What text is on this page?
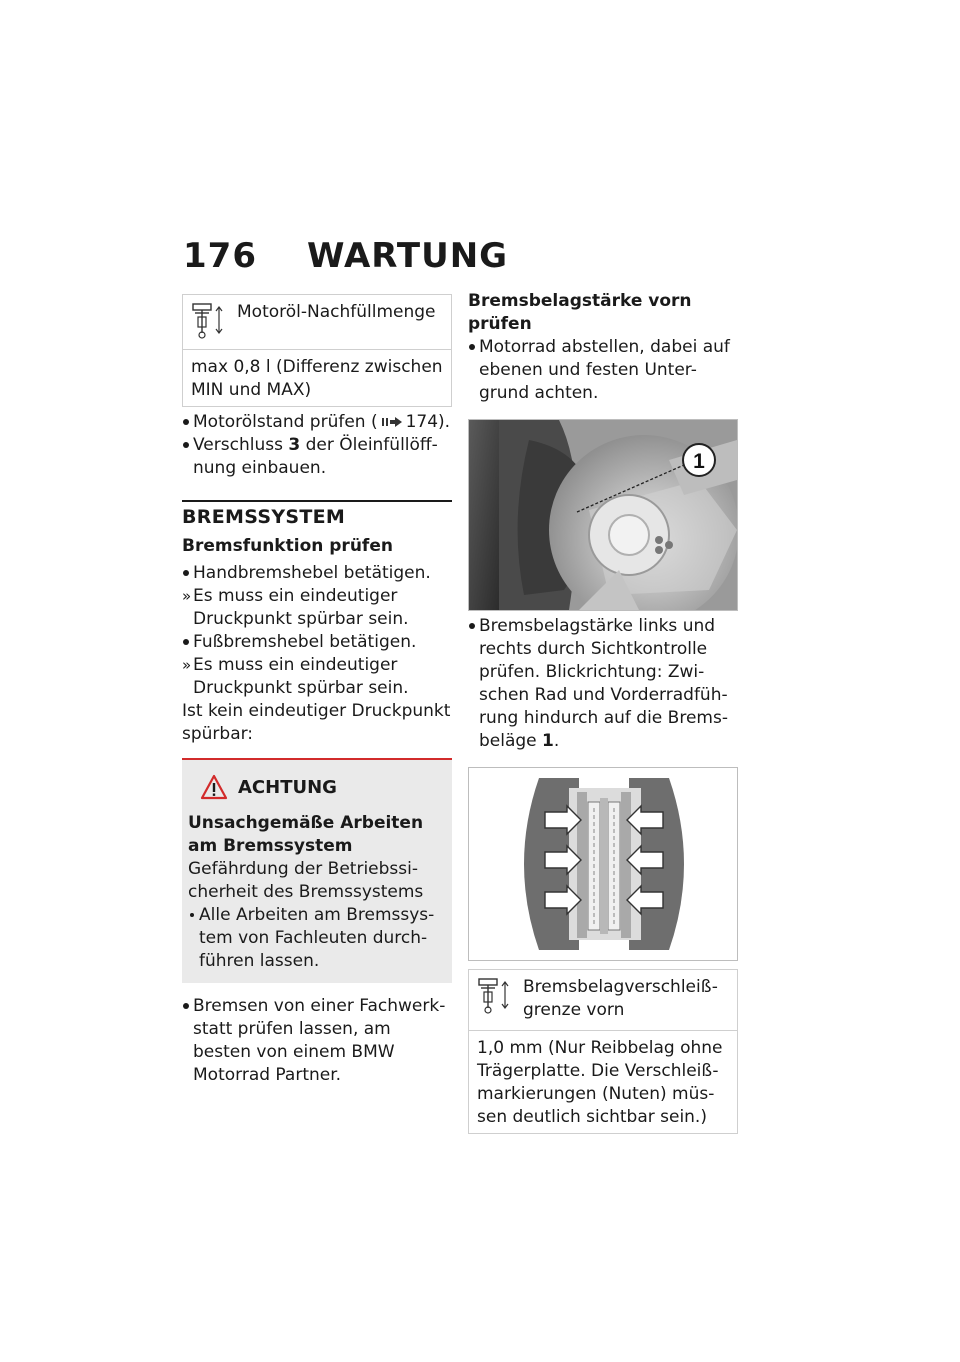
176 WARTUNG
Motoröl-Nachfüllmenge
max 0,8 l (Differenz zwischen MIN und MAX)
Motorölstand prüfen ( 174).
Verschluss 3 der Öleinfüllöff-nung einbauen.
BREMSSYSTEM
Bremsfunktion prüfen
Handbremshebel betätigen.
» Es muss ein eindeutiger Druckpunkt spürbar sein.
Fußbremshebel betätigen.
» Es muss ein eindeutiger Druckpunkt spürbar sein.
Ist kein eindeutiger Druckpunkt spürbar:
ACHTUNG
Unsachgemäße Arbeiten am Bremssystem
Gefährdung der Betriebssi-cherheit des Bremssystems
Alle Arbeiten am Bremssys-tem von Fachleuten durch-führen lassen.
Bremsen von einer Fachwerk-statt prüfen lassen, am besten von einem BMW Motorrad Partner.
Bremsbelagstärke vorn prüfen
Motorrad abstellen, dabei auf ebenen und festen Unter-grund achten.
1
Bremsbelagstärke links und rechts durch Sichtkontrolle prüfen. Blickrichtung: Zwi-schen Rad und Vorderradfüh-rung hindurch auf die Brems-beläge 1.
Bremsbelagverschleiß-grenze vorn
1,0 mm (Nur Reibbelag ohne Trägerplatte. Die Verschleiß-markierungen (Nuten) müs-sen deutlich sichtbar sein.)
